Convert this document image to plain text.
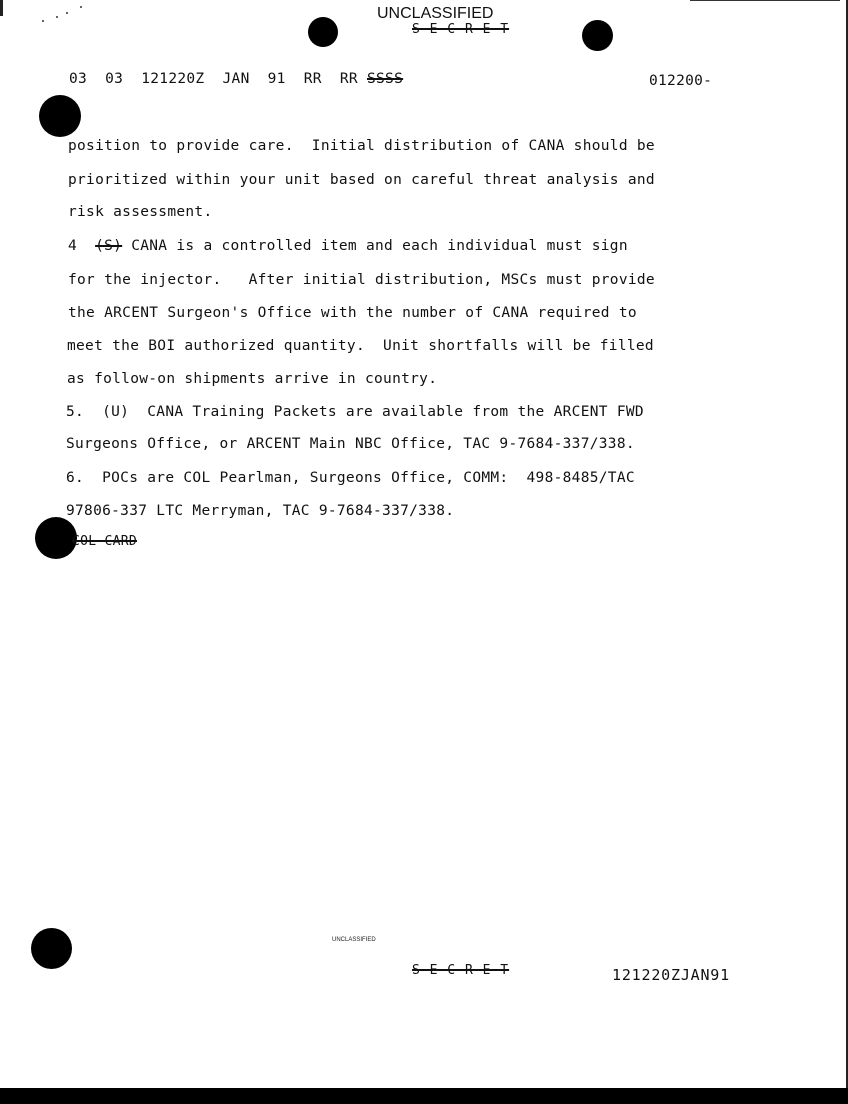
UNCLASSIFIED
S E C R E T
03  03  121220Z  JAN  91  RR  RR SSSS	012200-
position to provide care.  Initial distribution of CANA should be
prioritized within your unit based on careful threat analysis and
risk assessment.
4  (S) CANA is a controlled item and each individual must sign
for the injector.   After initial distribution, MSCs must provide
the ARCENT Surgeon's Office with the number of CANA required to
meet the BOI authorized quantity.  Unit shortfalls will be filled
as follow-on shipments arrive in country.
5.  (U)  CANA Training Packets are available from the ARCENT FWD
Surgeons Office, or ARCENT Main NBC Office, TAC 9-7684-337/338.
6.  POCs are COL Pearlman, Surgeons Office, COMM:  498-8485/TAC
97806-337 LTC Merryman, TAC 9-7684-337/338.
COL CARD
UNCLASSIFIED
S E C R E T	121220ZJAN91
